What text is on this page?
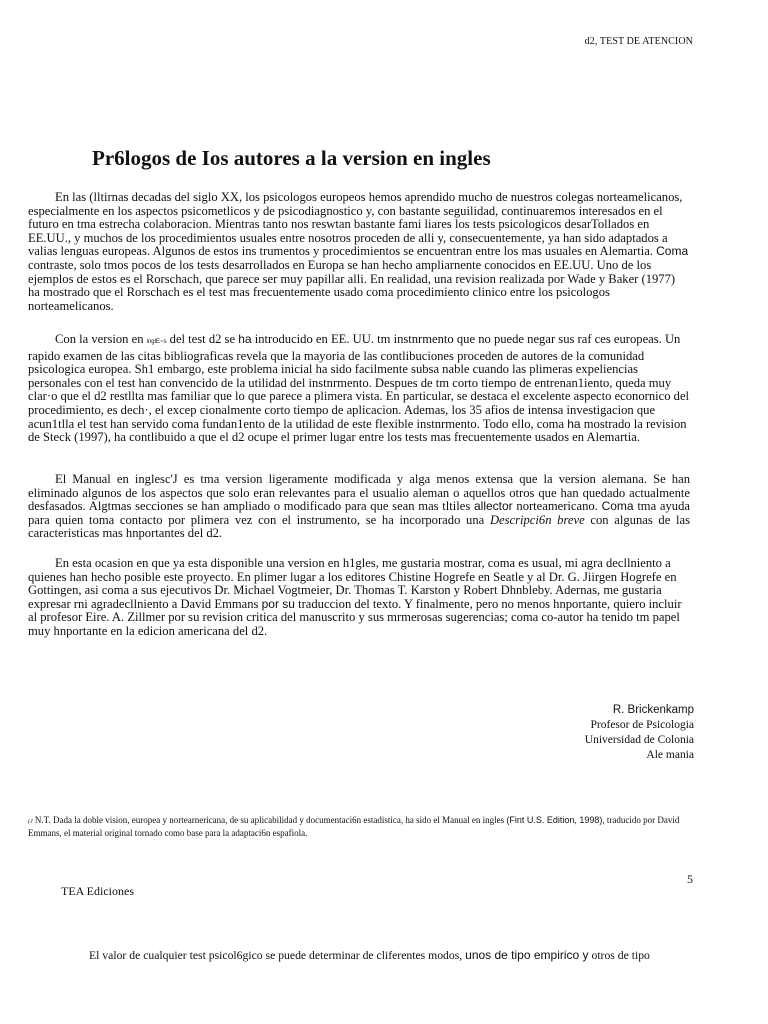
d2, TEST DE ATENCION
Pr6logos de Ios autores a la version en ingles

En las (lltirnas decadas del siglo XX, los psicologos europeos hemos aprendido mucho de nuestros colegas norteamelicanos, especialmente en los aspectos psicometlicos y de psicodiagnostico y, con bastante seguilidad, continuaremos interesados en el futuro en tma estrecha colaboracion. Mientras tanto nos reswtan bastante fami liares los tests psicologicos desarTollados en EE.UU., y muchos de los procedimientos usuales entre nosotros proceden de alli y, consecuentemente, ya han sido adaptados a valias lenguas europeas. Algunos de estos ins trumentos y procedimientos se encuentran entre los mas usuales en Alemartia. Coma contraste, solo tmos pocos de los tests desarrollados en Europa se han hecho ampliarnente conocidos en EE.UU. Uno de los ejemplos de estos es el Rorschach, que parece ser muy papillar alli. En realidad, una revision realizada por Wade y Baker (1977) ha mostrado que el Rorschach es el test mas frecuentemente usado coma procedimiento clinico entre los psicologos norteamelicanos.

Con la version en inglE~s del test d2 se ha introducido en EE. UU. tm instnrmento que no puede negar sus raf ces europeas. Un rapido examen de las citas bibliograficas revela que la mayoria de las contlibuciones proceden de autores de la comunidad psicologica europea. Sh1 embargo, este problema inicial ha sido facilmente subsa nable cuando las plimeras expeliencias personales con el test han convencido de la utilidad del instnrmento. Despues de tm corto tiempo de entrenan1iento, queda muy clar·o que el d2 restllta mas familiar que lo que parece a plimera vista. En particular, se destaca el excelente aspecto econornico del procedimiento, es dech·, el excep cionalmente corto tiempo de aplicacion. Ademas, los 35 afios de intensa investigacion que acun1tlla el test han servido coma fundan1ento de la utilidad de este flexible instnrmento. Todo ello, coma ha mostrado la revision de Steck (1997), ha contlibuido a que el d2 ocupe el primer lugar entre los tests mas frecuentemente usados en Alemartia.

El Manual en inglesc'J es tma version ligeramente modificada y alga menos extensa que la version alemana. Se han eliminado algunos de los aspectos que solo eran relevantes para el usualio aleman o aquellos otros que han quedado actualmente desfasados. Algtmas secciones se han ampliado o modificado para que sean mas tltiles allector norteamericano. Coma tma ayuda para quien toma contacto por plimera vez con el instrumento, se ha incorporado una Descripci6n breve con algunas de las caracteristicas mas hnportantes del d2.

En esta ocasion en que ya esta disponible una version en h1gles, me gustaria mostrar, coma es usual, mi agra decllniento a quienes han hecho posible este proyecto. En plimer lugar a los editores Chistine Hogrefe en Seatle y al Dr. G. Jiirgen Hogrefe en Gottingen, asi coma a sus ejecutivos Dr. Michael Vogtmeier, Dr. Thomas T. Karston y Robert Dhnbleby. Adernas, me gustaria expresar rni agradecllniento a David Emmans por su traduccion del texto. Y finalmente, pero no menos hnportante, quiero incluir al profesor Eire. A. Zillmer por su revision critica del manuscrito y sus mrmerosas sugerencias; coma co-autor ha tenido tm papel muy hnportante en la edicion americana del d2.

R. Brickenkamp
Profesor de Psicologia
Universidad de Colonia
Ale mania
(J N.T. Dada la doble vision, europea y nortearnericana, de su aplicabilidad y documentaci6n estadistica, ha sido el Manual en ingles (Fint U.S. Edition, 1998), traducido por David Emmans, el material original tornado como base para la adaptaci6n espafiola.
5
TEA Ediciones
El valor de cualquier test psicol6gico se puede determinar de cliferentes modos, unos de tipo empirico y otros de tipo
